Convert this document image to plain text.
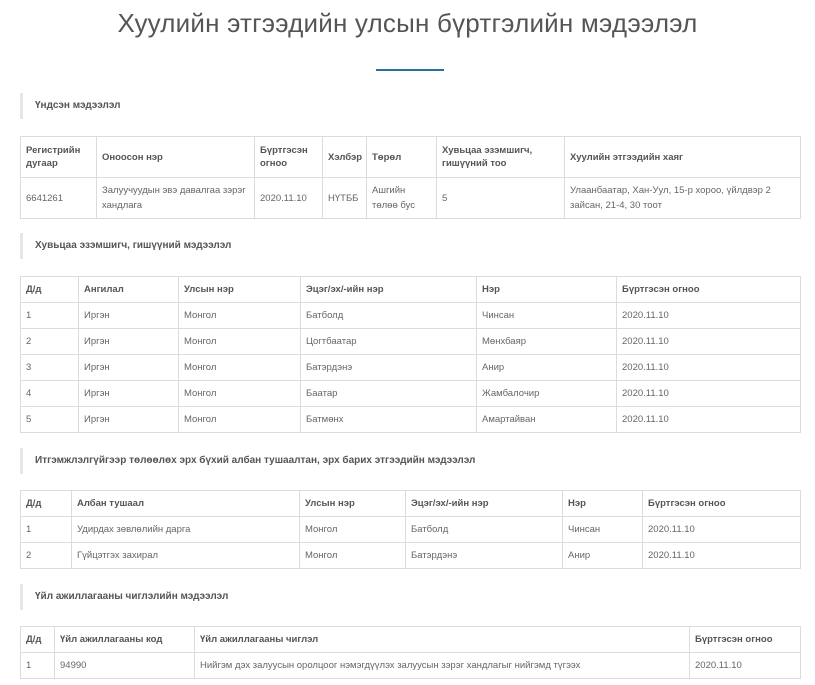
Хуулийн этгээдийн улсын бүртгэлийн мэдээлэл
Үндсэн мэдээлэл
Регистрийн дугаар	Оноосон нэр	Бүртгэсэн огноо	Хэлбэр	Төрөл	Хувьцаа эзэмшигч, гишүүний тоо	Хуулийн этгээдийн хаяг
6641261	Залуучуудын эвэ давалгаа зэрэг хандлага	2020.11.10	НҮТББ	Ашгийн төлөө бус	5	Улаанбаатар, Хан-Уул, 15-р хороо, үйлдвэр 2 зайсан, 21-4, 30 тоот
Хувьцаа эзэмшигч, гишүүний мэдээлэл
Д/д	Ангилал	Улсын нэр	Эцэг/эх/-ийн нэр	Нэр	Бүртгэсэн огноо
1	Иргэн	Монгол	Батболд	Чинсан	2020.11.10
2	Иргэн	Монгол	Цогтбаатар	Мөнхбаяр	2020.11.10
3	Иргэн	Монгол	Батэрдэнэ	Анир	2020.11.10
4	Иргэн	Монгол	Баатар	Жамбалочир	2020.11.10
5	Иргэн	Монгол	Батмөнх	Амартайван	2020.11.10
Итгэмжлэлгүйгээр төлөөлөх эрх бүхий албан тушаалтан, эрх барих этгээдийн мэдээлэл
Д/д	Албан тушаал	Улсын нэр	Эцэг/эх/-ийн нэр	Нэр	Бүртгэсэн огноо
1	Удирдах зөвлөлийн дарга	Монгол	Батболд	Чинсан	2020.11.10
2	Гүйцэтгэх захирал	Монгол	Батэрдэнэ	Анир	2020.11.10
Үйл ажиллагааны чиглэлийн мэдээлэл
Д/д	Үйл ажиллагааны код	Үйл ажиллагааны чиглэл	Бүртгэсэн огноо
1	94990	Нийгэм дэх залуусын оролцоог нэмэгдүүлэх залуусын зэрэг хандлагыг нийгэмд түгээх	2020.11.10
